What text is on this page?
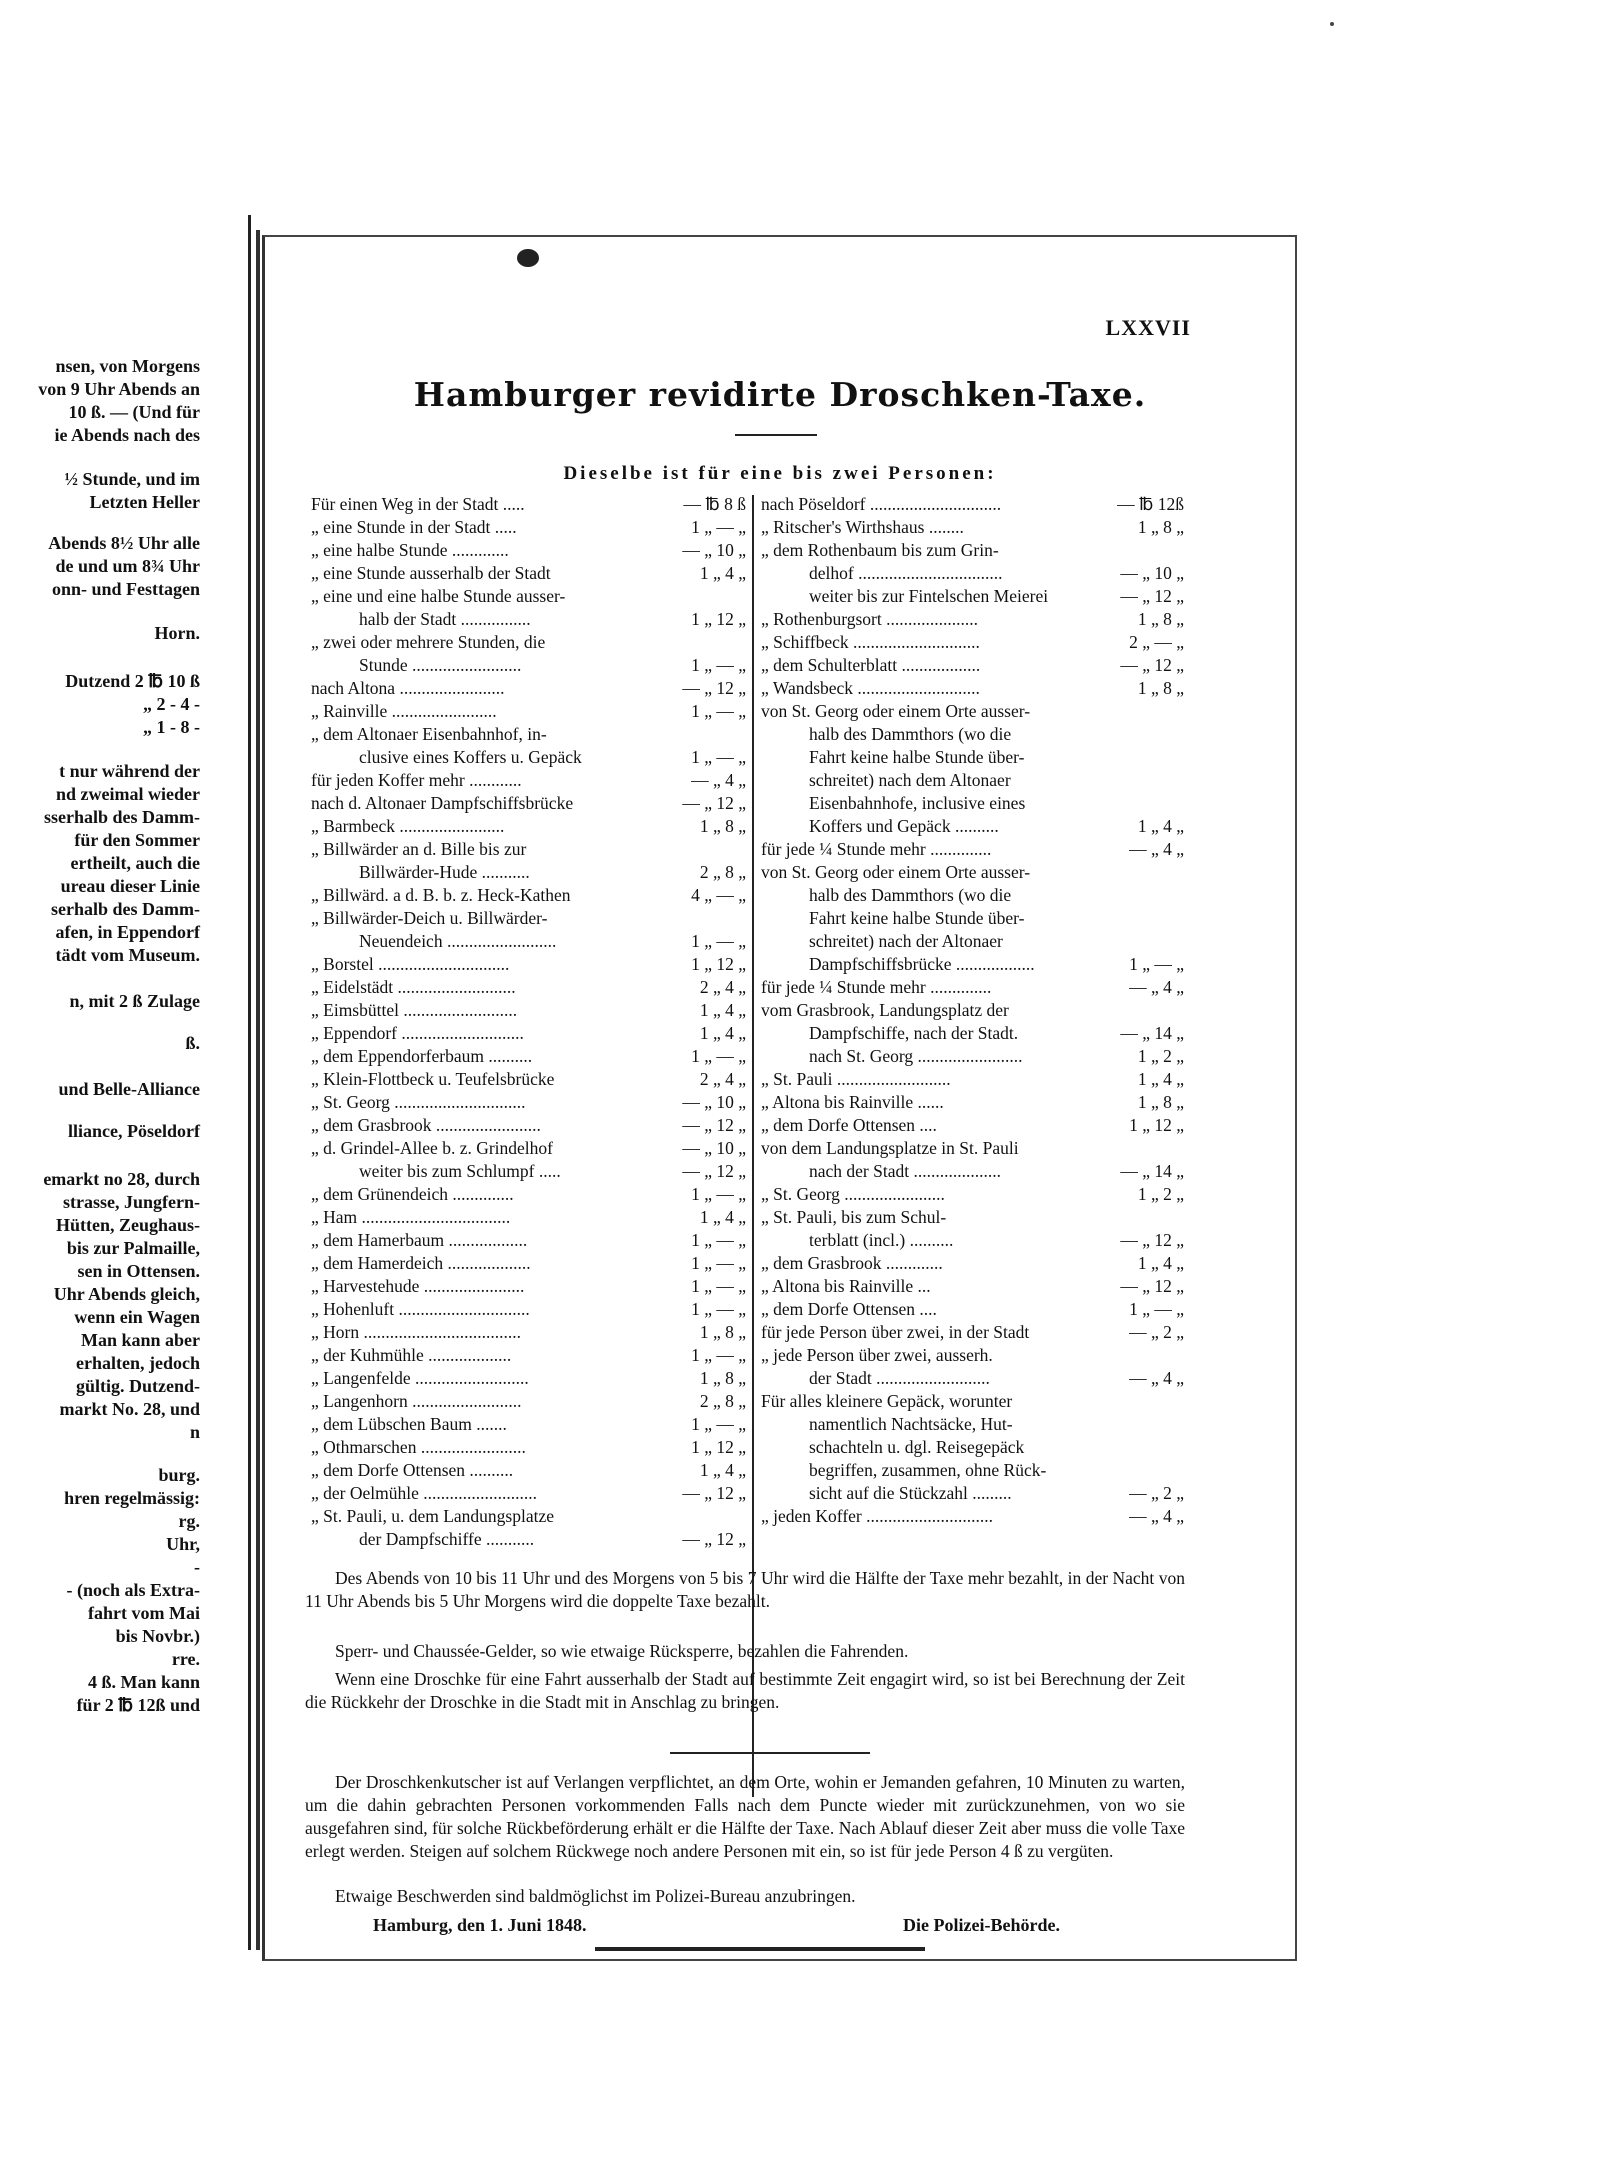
nsen, von Morgens
von 9 Uhr Abends an
10 ß. — (Und für
ie Abends nach des
½ Stunde, und im
Letzten Heller
Abends 8½ Uhr alle
de und um 8¾ Uhr
onn- und Festtagen
Horn.
Dutzend 2 ℔ 10 ß
„ 2 - 4 -
„ 1 - 8 -
t nur während der
nd zweimal wieder
sserhalb des Damm-
für den Sommer
ertheilt, auch die
ureau dieser Linie
serhalb des Damm-
afen, in Eppendorf
tädt vom Museum.
n, mit 2 ß Zulage
ß.
und Belle-Alliance
lliance, Pöseldorf
emarkt no 28, durch
strasse, Jungfern-
Hütten, Zeughaus-
bis zur Palmaille,
sen in Ottensen.
Uhr Abends gleich,
wenn ein Wagen
Man kann aber
erhalten, jedoch
gültig. Dutzend-
markt No. 28, und
n
burg.
hren regelmässig:
rg.
Uhr,
-
- (noch als Extra-
fahrt vom Mai
bis Novbr.)
rre.
4 ß. Man kann
für 2 ℔ 12ß und
LXXVII
Hamburger revidirte Droschken-Taxe.
Dieselbe ist für eine bis zwei Personen:
Für einen Weg in der Stadt .....	— ℔ 8 ß
„ eine Stunde in der Stadt .....	1 „ — „
„ eine halbe Stunde .............	— „ 10 „
„ eine Stunde ausserhalb der Stadt	1 „ 4 „
„ eine und eine halbe Stunde ausser-
halb der Stadt ................	1 „ 12 „
„ zwei oder mehrere Stunden, die
Stunde .........................	1 „ — „
nach Altona ........................	— „ 12 „
„ Rainville ........................	1 „ — „
„ dem Altonaer Eisenbahnhof, in-
clusive eines Koffers u. Gepäck	1 „ — „
für jeden Koffer mehr ............	— „ 4 „
nach d. Altonaer Dampfschiffsbrücke	— „ 12 „
„ Barmbeck ........................	1 „ 8 „
„ Billwärder an d. Bille bis zur
Billwärder-Hude ...........	2 „ 8 „
„ Billwärd. a d. B. b. z. Heck-Kathen	4 „ — „
„ Billwärder-Deich u. Billwärder-
Neuendeich .........................	1 „ — „
„ Borstel ..............................	1 „ 12 „
„ Eidelstädt ...........................	2 „ 4 „
„ Eimsbüttel ..........................	1 „ 4 „
„ Eppendorf ............................	1 „ 4 „
„ dem Eppendorferbaum ..........	1 „ — „
„ Klein-Flottbeck u. Teufelsbrücke	2 „ 4 „
„ St. Georg ..............................	— „ 10 „
„ dem Grasbrook ........................	— „ 12 „
„ d. Grindel-Allee b. z. Grindelhof	— „ 10 „
weiter bis zum Schlumpf .....	— „ 12 „
„ dem Grünendeich ..............	1 „ — „
„ Ham ..................................	1 „ 4 „
„ dem Hamerbaum ..................	1 „ — „
„ dem Hamerdeich ...................	1 „ — „
„ Harvestehude .......................	1 „ — „
„ Hohenluft ..............................	1 „ — „
„ Horn ....................................	1 „ 8 „
„ der Kuhmühle ...................	1 „ — „
„ Langenfelde ..........................	1 „ 8 „
„ Langenhorn .........................	2 „ 8 „
„ dem Lübschen Baum .......	1 „ — „
„ Othmarschen ........................	1 „ 12 „
„ dem Dorfe Ottensen ..........	1 „ 4 „
„ der Oelmühle ..........................	— „ 12 „
„ St. Pauli, u. dem Landungsplatze
der Dampfschiffe ...........	— „ 12 „
nach Pöseldorf ..............................	— ℔ 12ß
„ Ritscher's Wirthshaus ........	1 „ 8 „
„ dem Rothenbaum bis zum Grin-
delhof .................................	— „ 10 „
weiter bis zur Fintelschen Meierei	— „ 12 „
„ Rothenburgsort .....................	1 „ 8 „
„ Schiffbeck .............................	2 „ — „
„ dem Schulterblatt ..................	— „ 12 „
„ Wandsbeck ............................	1 „ 8 „
von St. Georg oder einem Orte ausser-
halb des Dammthors (wo die
Fahrt keine halbe Stunde über-
schreitet) nach dem Altonaer
Eisenbahnhofe, inclusive eines
Koffers und Gepäck ..........	1 „ 4 „
für jede ¼ Stunde mehr ..............	— „ 4 „
von St. Georg oder einem Orte ausser-
halb des Dammthors (wo die
Fahrt keine halbe Stunde über-
schreitet) nach der Altonaer
Dampfschiffsbrücke ..................	1 „ — „
für jede ¼ Stunde mehr ..............	— „ 4 „
vom Grasbrook, Landungsplatz der
Dampfschiffe, nach der Stadt.	— „ 14 „
nach St. Georg ........................	1 „ 2 „
„ St. Pauli ..........................	1 „ 4 „
„ Altona bis Rainville ......	1 „ 8 „
„ dem Dorfe Ottensen ....	1 „ 12 „
von dem Landungsplatze in St. Pauli
nach der Stadt ....................	— „ 14 „
„ St. Georg .......................	1 „ 2 „
„ St. Pauli, bis zum Schul-
terblatt (incl.) ..........	— „ 12 „
„ dem Grasbrook .............	1 „ 4 „
„ Altona bis Rainville ...	— „ 12 „
„ dem Dorfe Ottensen ....	1 „ — „
für jede Person über zwei, in der Stadt	— „ 2 „
„ jede Person über zwei, ausserh.
der Stadt ..........................	— „ 4 „
Für alles kleinere Gepäck, worunter
namentlich Nachtsäcke, Hut-
schachteln u. dgl. Reisegepäck
begriffen, zusammen, ohne Rück-
sicht auf die Stückzahl .........	— „ 2 „
„ jeden Koffer .............................	— „ 4 „
Des Abends von 10 bis 11 Uhr und des Morgens von 5 bis 7 Uhr wird die Hälfte der Taxe mehr bezahlt, in der Nacht von 11 Uhr Abends bis 5 Uhr Morgens wird die doppelte Taxe bezahlt.
Sperr- und Chaussée-Gelder, so wie etwaige Rücksperre, bezahlen die Fahrenden.
Wenn eine Droschke für eine Fahrt ausserhalb der Stadt auf bestimmte Zeit engagirt wird, so ist bei Berechnung der Zeit die Rückkehr der Droschke in die Stadt mit in Anschlag zu bringen.
Der Droschkenkutscher ist auf Verlangen verpflichtet, an dem Orte, wohin er Jemanden gefahren, 10 Minuten zu warten, um die dahin gebrachten Personen vorkommenden Falls nach dem Puncte wieder mit zurückzunehmen, von wo sie ausgefahren sind, für solche Rückbeförderung erhält er die Hälfte der Taxe. Nach Ablauf dieser Zeit aber muss die volle Taxe erlegt werden. Steigen auf solchem Rückwege noch andere Personen mit ein, so ist für jede Person 4 ß zu vergüten.
Etwaige Beschwerden sind baldmöglichst im Polizei-Bureau anzubringen.
Hamburg, den 1. Juni 1848.	Die Polizei-Behörde.
